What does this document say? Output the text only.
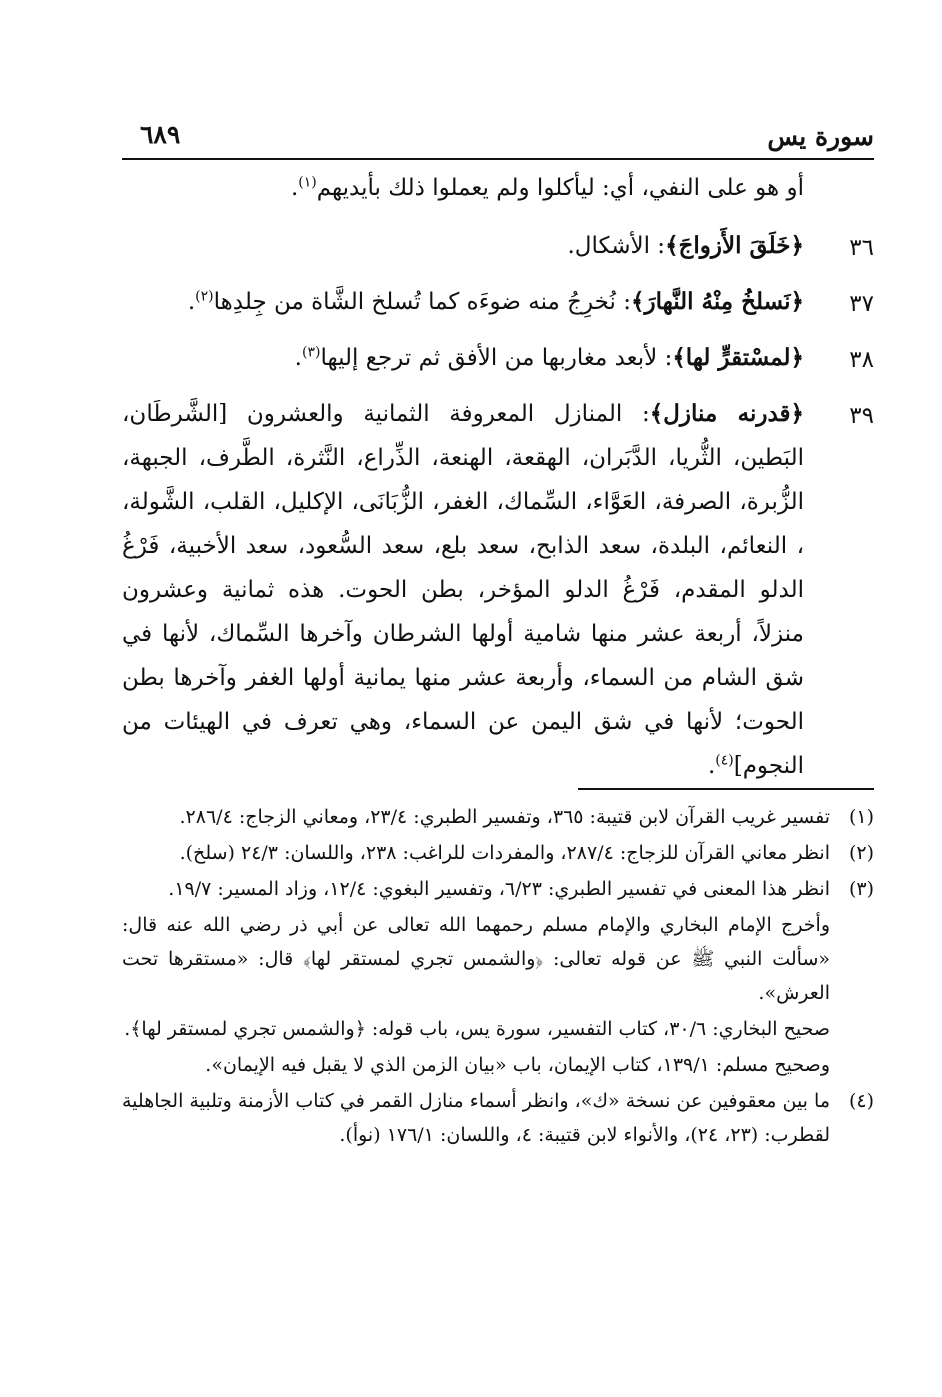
سورة يس
٦٨٩
أو هو على النفي، أي: ليأكلوا ولم يعملوا ذلك بأيديهم$^{(١)}$.
٣٦
﴿خَلَقَ الأَزواجَ﴾: الأشكال.
٣٧
﴿نَسلخُ مِنْهُ النَّهارَ﴾: نُخرِجُ منه ضوءَه كما تُسلخ الشَّاة من جِلدِها$^{(٢)}$.
٣٨
﴿لمسْتقرٍّ لها﴾: لأبعد مغاربها من الأفق ثم ترجع إليها$^{(٣)}$.
٣٩
﴿قدرنه منازل﴾: المنازل المعروفة الثمانية والعشرون [الشَّرطَان، البَطين، الثُّريا، الدَّبَران، الهقعة، الهنعة، الذِّراع، النَّثرة، الطَّرف، الجبهة، الزُّبرة، الصرفة، العَوَّاء، السِّماك، الغفر، الزُّبَانَى، الإكليل، القلب، الشَّولة، ، النعائم، البلدة، سعد الذابح، سعد بلع، سعد السُّعود، سعد الأخبية، فَرْغُ الدلو المقدم، فَرْغُ الدلو المؤخر، بطن الحوت. هذه ثمانية وعشرون منزلاً، أربعة عشر منها شامية أولها الشرطان وآخرها السِّماك، لأنها في شق الشام من السماء، وأربعة عشر منها يمانية أولها الغفر وآخرها بطن الحوت؛ لأنها في شق اليمن عن السماء، وهي تعرف في الهيئات من النجوم]$^{(٤)}$.
(١)
تفسير غريب القرآن لابن قتيبة: ٣٦٥، وتفسير الطبري: ٢٣/٤، ومعاني الزجاج: ٢٨٦/٤.
(٢)
انظر معاني القرآن للزجاج: ٢٨٧/٤، والمفردات للراغب: ٢٣٨، واللسان: ٢٤/٣ (سلخ).
(٣)
انظر هذا المعنى في تفسير الطبري: ٦/٢٣، وتفسير البغوي: ١٢/٤، وزاد المسير: ١٩/٧.
وأخرج الإمام البخاري والإمام مسلم رحمهما الله تعالى عن أبي ذر رضي الله عنه قال: «سألت النبي ﷺ عن قوله تعالى: ﴿والشمس تجري لمستقر لها﴾ قال: «مستقرها تحت العرش».
صحيح البخاري: ٣٠/٦، كتاب التفسير، سورة يس، باب قوله: ﴿والشمس تجري لمستقر لها﴾.
وصحيح مسلم: ١٣٩/١، كتاب الإيمان، باب «بيان الزمن الذي لا يقبل فيه الإيمان».
(٤)
ما بين معقوفين عن نسخة «ك»، وانظر أسماء منازل القمر في كتاب الأزمنة وتلبية الجاهلية لقطرب: (٢٣، ٢٤)، والأنواء لابن قتيبة: ٤، واللسان: ١٧٦/١ (نوأ).
